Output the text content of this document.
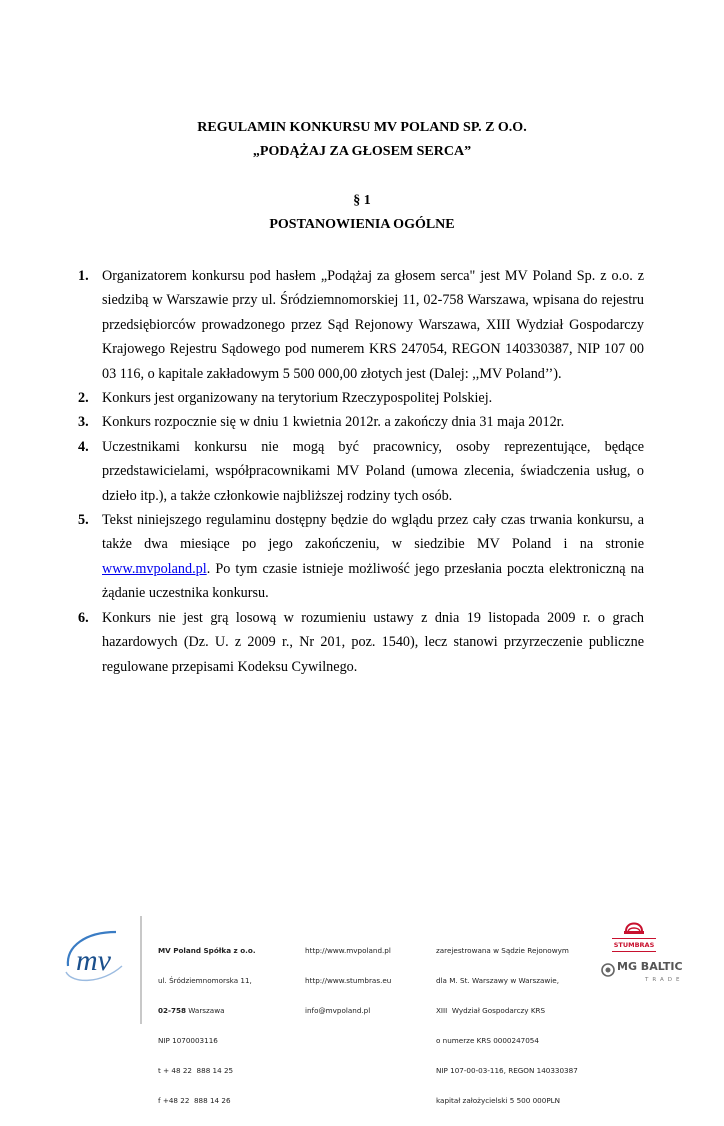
REGULAMIN KONKURSU MV POLAND SP. Z O.O.
„PODĄŻAJ ZA GŁOSEM SERCA”
§ 1
POSTANOWIENIA OGÓLNE
1. Organizatorem konkursu pod hasłem „Podążaj za głosem serca" jest MV Poland Sp. z o.o. z siedzibą w Warszawie przy ul. Śródziemnomorskiej 11, 02-758 Warszawa, wpisana do rejestru przedsiębiorców prowadzonego przez Sąd Rejonowy Warszawa, XIII Wydział Gospodarczy Krajowego Rejestru Sądowego pod numerem KRS 247054, REGON 140330387, NIP 107 00 03 116, o kapitale zakładowym 5 500 000,00 złotych jest (Dalej: ,,MV Poland’’).
2. Konkurs jest organizowany na terytorium Rzeczypospolitej Polskiej.
3. Konkurs rozpocznie się w dniu 1 kwietnia 2012r. a zakończy dnia 31 maja 2012r.
4. Uczestnikami konkursu nie mogą być pracownicy, osoby reprezentujące, będące przedstawicielami, współpracownikami MV Poland (umowa zlecenia, świadczenia usług, o dzieło itp.), a także członkowie najbliższej rodziny tych osób.
5. Tekst niniejszego regulaminu dostępny będzie do wglądu przez cały czas trwania konkursu, a także dwa miesiące po jego zakończeniu, w siedzibie MV Poland i na stronie www.mvpoland.pl. Po tym czasie istnieje możliwość jego przesłania poczta elektroniczną na żądanie uczestnika konkursu.
6. Konkurs nie jest grą losową w rozumieniu ustawy z dnia 19 listopada 2009 r. o grach hazardowych (Dz. U. z 2009 r., Nr 201, poz. 1540), lecz stanowi przyrzeczenie publiczne regulowane przepisami Kodeksu Cywilnego.
mv

	MV Poland Spółka z o.o.

ul. Śródziemnomorska 11,

02-758 Warszawa

NIP 1070003116

t + 48 22  888 14 25

f +48 22  888 14 26

http://www.mvpoland.pl

http://www.stumbras.eu

info@mvpoland.pl

zarejestrowana w Sądzie Rejonowym

dla M. St. Warszawy w Warszawie,

XIII  Wydział Gospodarczy KRS

o numerze KRS 0000247054

NIP 107-00-03-116, REGON 140330387

kapitał założycielski 5 500 000PLN

STUMBRAS
MG BALTIC
TRADE
